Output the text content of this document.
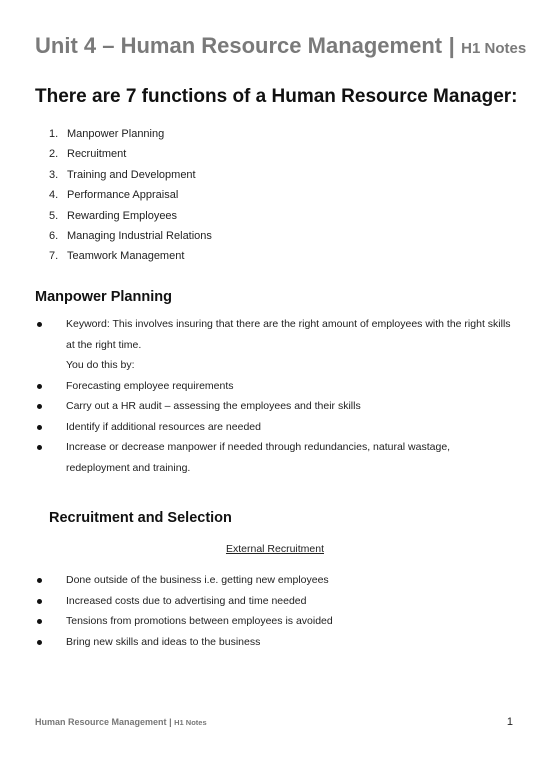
Unit 4 – Human Resource Management | H1 Notes
There are 7 functions of a Human Resource Manager:
1. Manpower Planning
2. Recruitment
3. Training and Development
4. Performance Appraisal
5. Rewarding Employees
6. Managing Industrial Relations
7. Teamwork Management
Manpower Planning
Keyword: This involves insuring that there are the right amount of employees with the right skills at the right time.
You do this by:
Forecasting employee requirements
Carry out a HR audit – assessing the employees and their skills
Identify if additional resources are needed
Increase or decrease manpower if needed through redundancies, natural wastage, redeployment and training.
Recruitment and Selection
External Recruitment
Done outside of the business i.e. getting new employees
Increased costs due to advertising and time needed
Tensions from promotions between employees is avoided
Bring new skills and ideas to the business
Human Resource Management | H1 Notes	1
